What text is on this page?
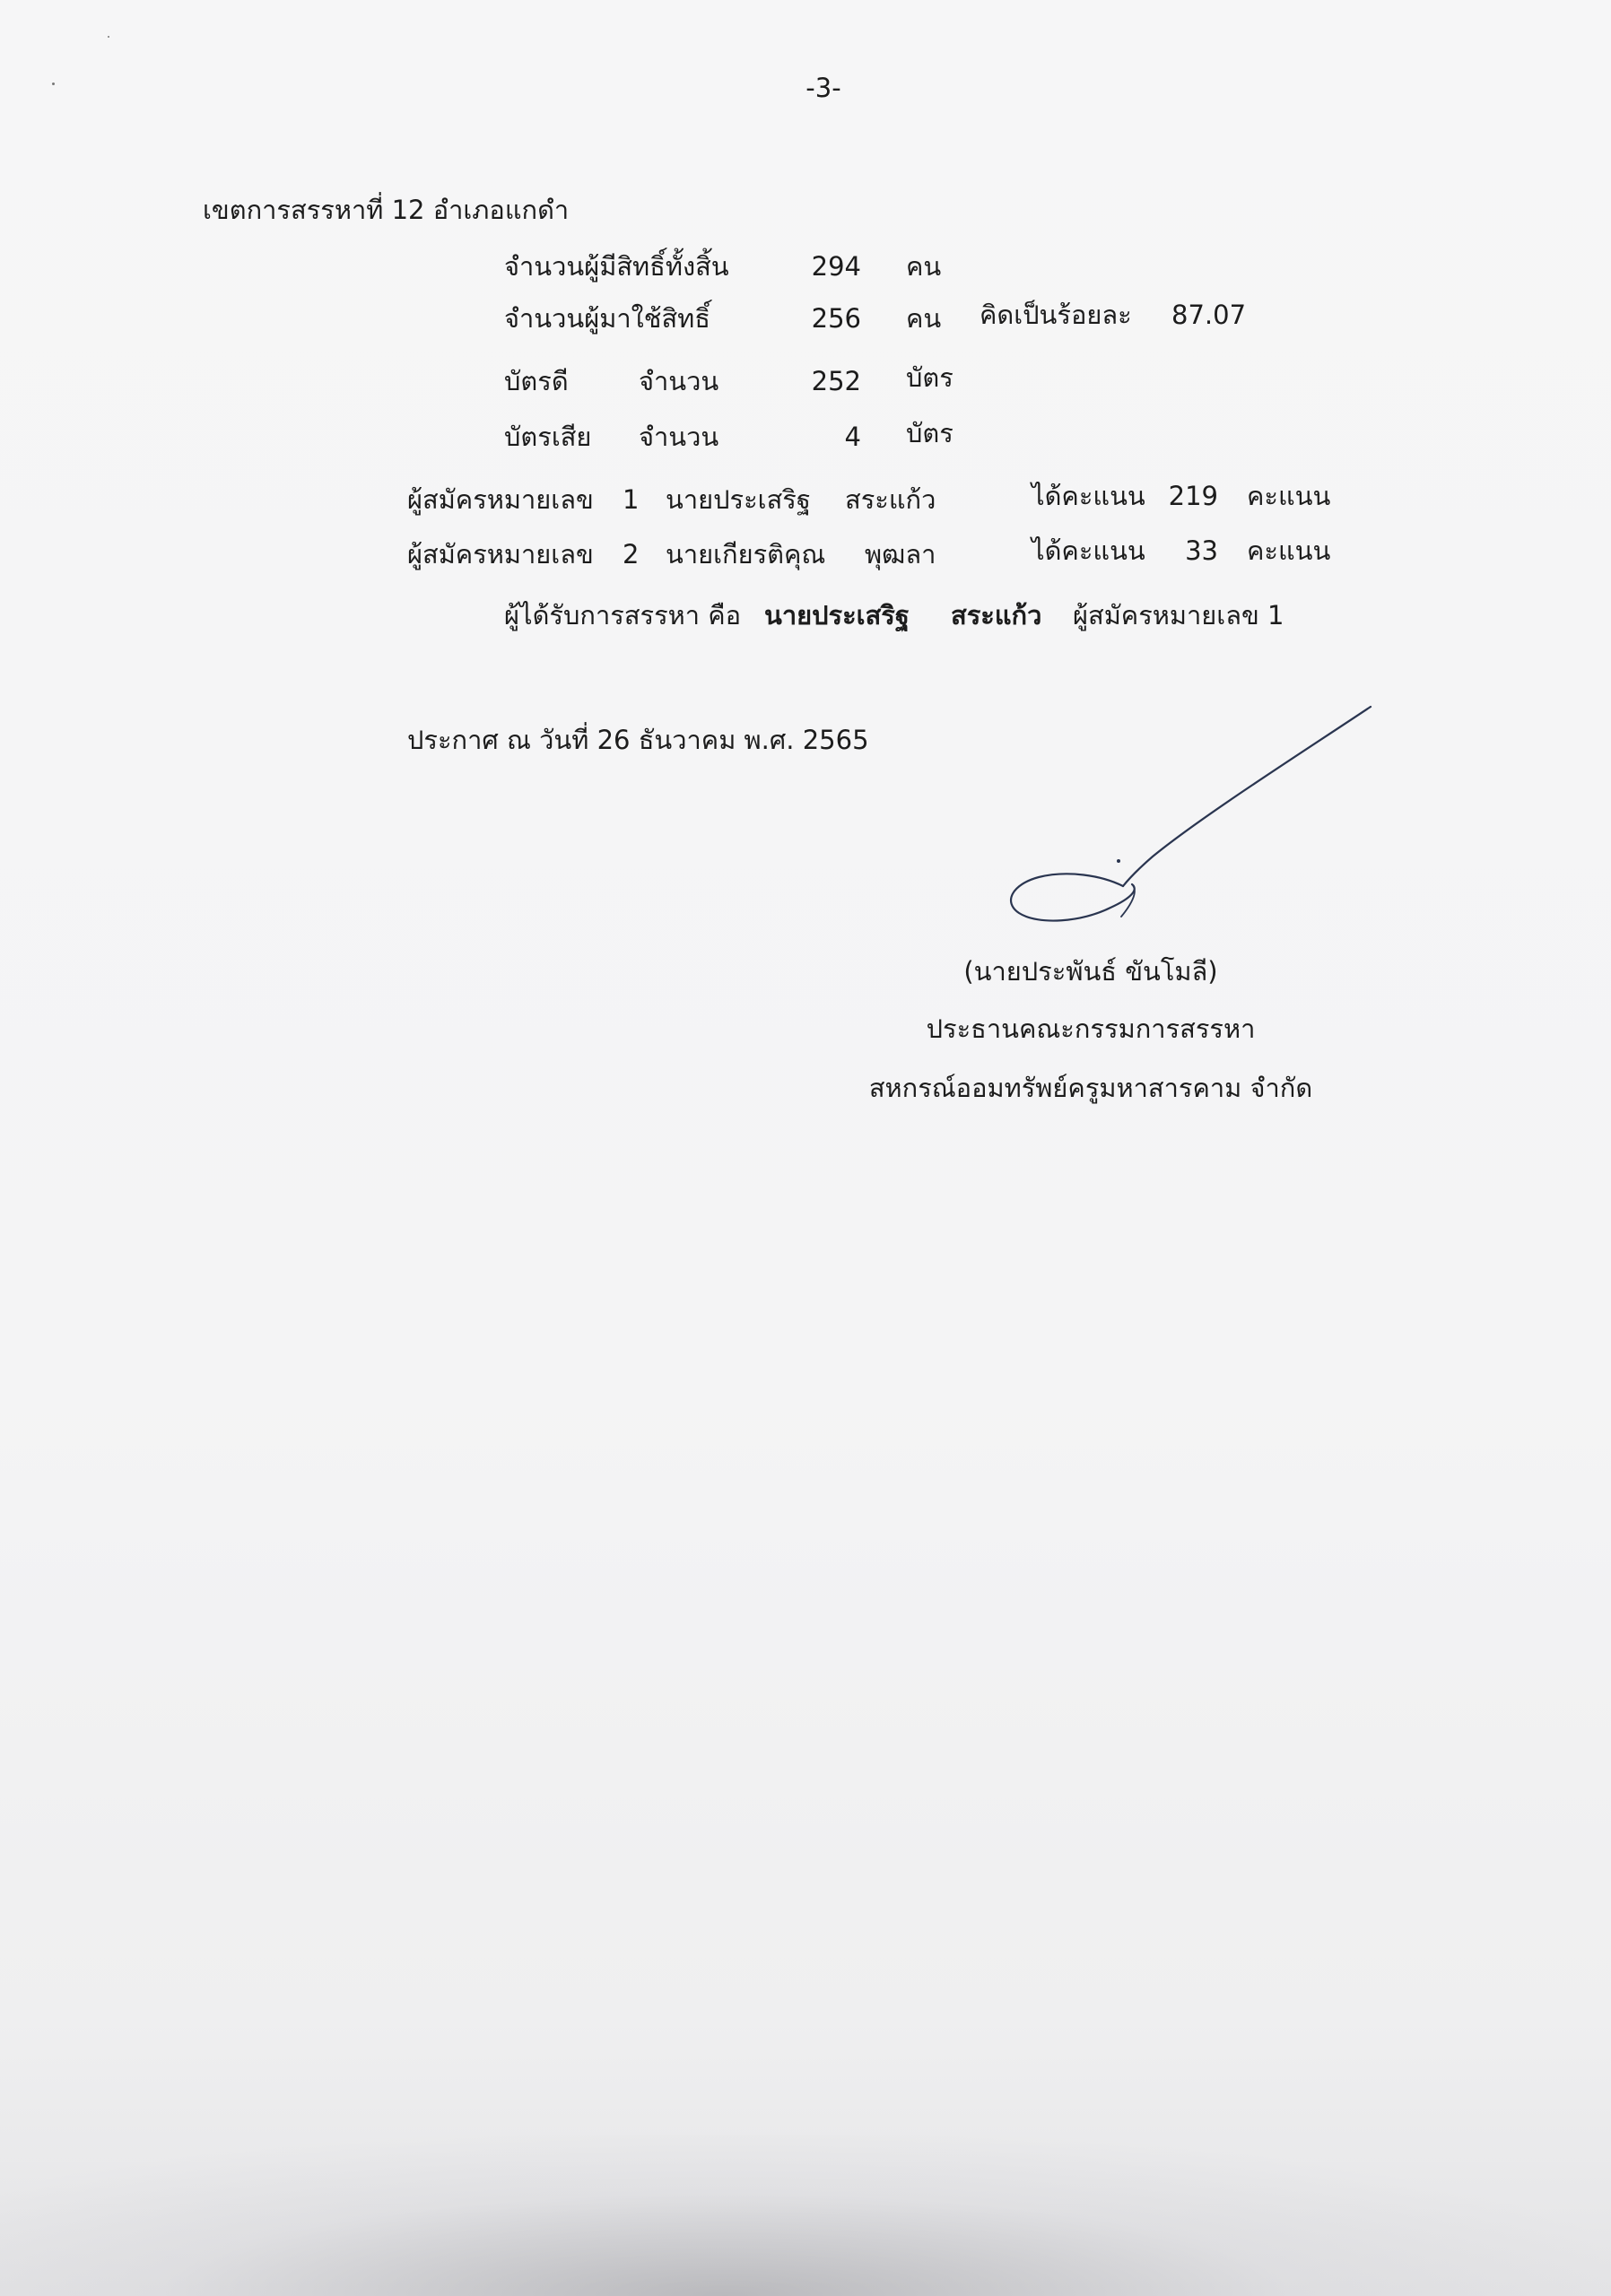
-3-
เขตการสรรหาที่ 12 อำเภอแกดำ
จำนวนผู้มีสิทธิ์ทั้งสิ้น	294 คน
จำนวนผู้มาใช้สิทธิ์	256 คน คิดเป็นร้อยละ 87.07
บัตรดี	จำนวน	252 บัตร
บัตรเสีย จำนวน	4 บัตร
ผู้สมัครหมายเลข 1 นายประเสริฐ สระแก้ว	ได้คะแนน 219 คะแนน
ผู้สมัครหมายเลข 2 นายเกียรติคุณ พุฒลา	ได้คะแนน	33 คะแนน
ผู้ได้รับการสรรหา คือ นายประเสริฐ สระแก้ว ผู้สมัครหมายเลข 1
ประกาศ ณ วันที่ 26 ธันวาคม พ.ศ. 2565
(นายประพันธ์ ขันโมลี)
ประธานคณะกรรมการสรรหา
สหกรณ์ออมทรัพย์ครูมหาสารคาม จำกัด
